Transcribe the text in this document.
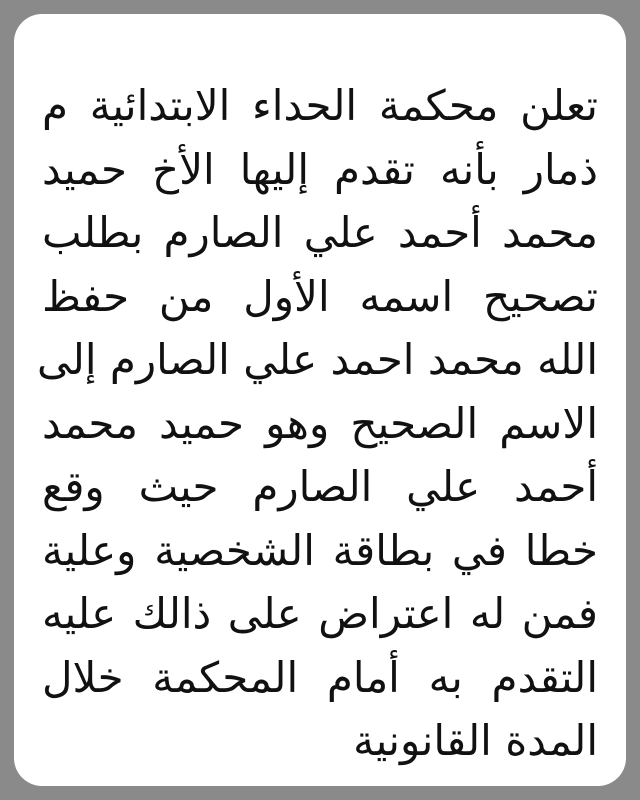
تعلن محكمة الحداء الابتدائية م
ذمار بأنه تقدم إليها الأخ حميد
محمد أحمد علي الصارم بطلب
تصحيح اسمه الأول من حفظ
الله محمد احمد علي الصارم إلى
الاسم الصحيح وهو حميد محمد
أحمد علي الصارم حيث وقع
خطا في بطاقة الشخصية وعلية
فمن له اعتراض على ذالك عليه
التقدم به أمام المحكمة خلال
المدة القانونية
